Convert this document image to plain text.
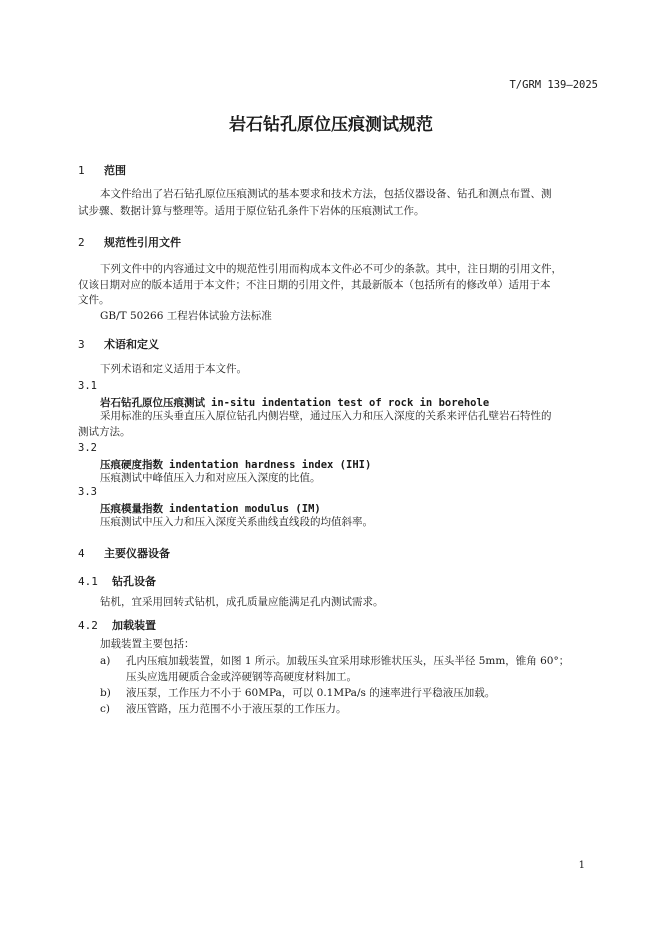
T/GRM 139—2025
岩石钻孔原位压痕测试规范
1 范围
本文件给出了岩石钻孔原位压痕测试的基本要求和技术方法，包括仪器设备、钻孔和测点布置、测
试步骤、数据计算与整理等。适用于原位钻孔条件下岩体的压痕测试工作。
2 规范性引用文件
下列文件中的内容通过文中的规范性引用而构成本文件必不可少的条款。其中，注日期的引用文件，
仅该日期对应的版本适用于本文件；不注日期的引用文件，其最新版本（包括所有的修改单）适用于本
文件。
GB/T 50266 工程岩体试验方法标准
3 术语和定义
下列术语和定义适用于本文件。
3.1
岩石钻孔原位压痕测试 in-situ indentation test of rock in borehole
采用标准的压头垂直压入原位钻孔内侧岩壁，通过压入力和压入深度的关系来评估孔壁岩石特性的
测试方法。
3.2
压痕硬度指数 indentation hardness index (IHI)
压痕测试中峰值压入力和对应压入深度的比值。
3.3
压痕模量指数 indentation modulus (IM)
压痕测试中压入力和压入深度关系曲线直线段的均值斜率。
4 主要仪器设备
4.1 钻孔设备
钻机，宜采用回转式钻机，成孔质量应能满足孔内测试需求。
4.2 加载装置
加载装置主要包括：
a) 孔内压痕加载装置，如图 1 所示。加载压头宜采用球形锥状压头，压头半径 5mm，锥角 60°；
压头应选用硬质合金或淬硬钢等高硬度材料加工。
b) 液压泵，工作压力不小于 60MPa，可以 0.1MPa/s 的速率进行平稳液压加载。
c) 液压管路，压力范围不小于液压泵的工作压力。
1
